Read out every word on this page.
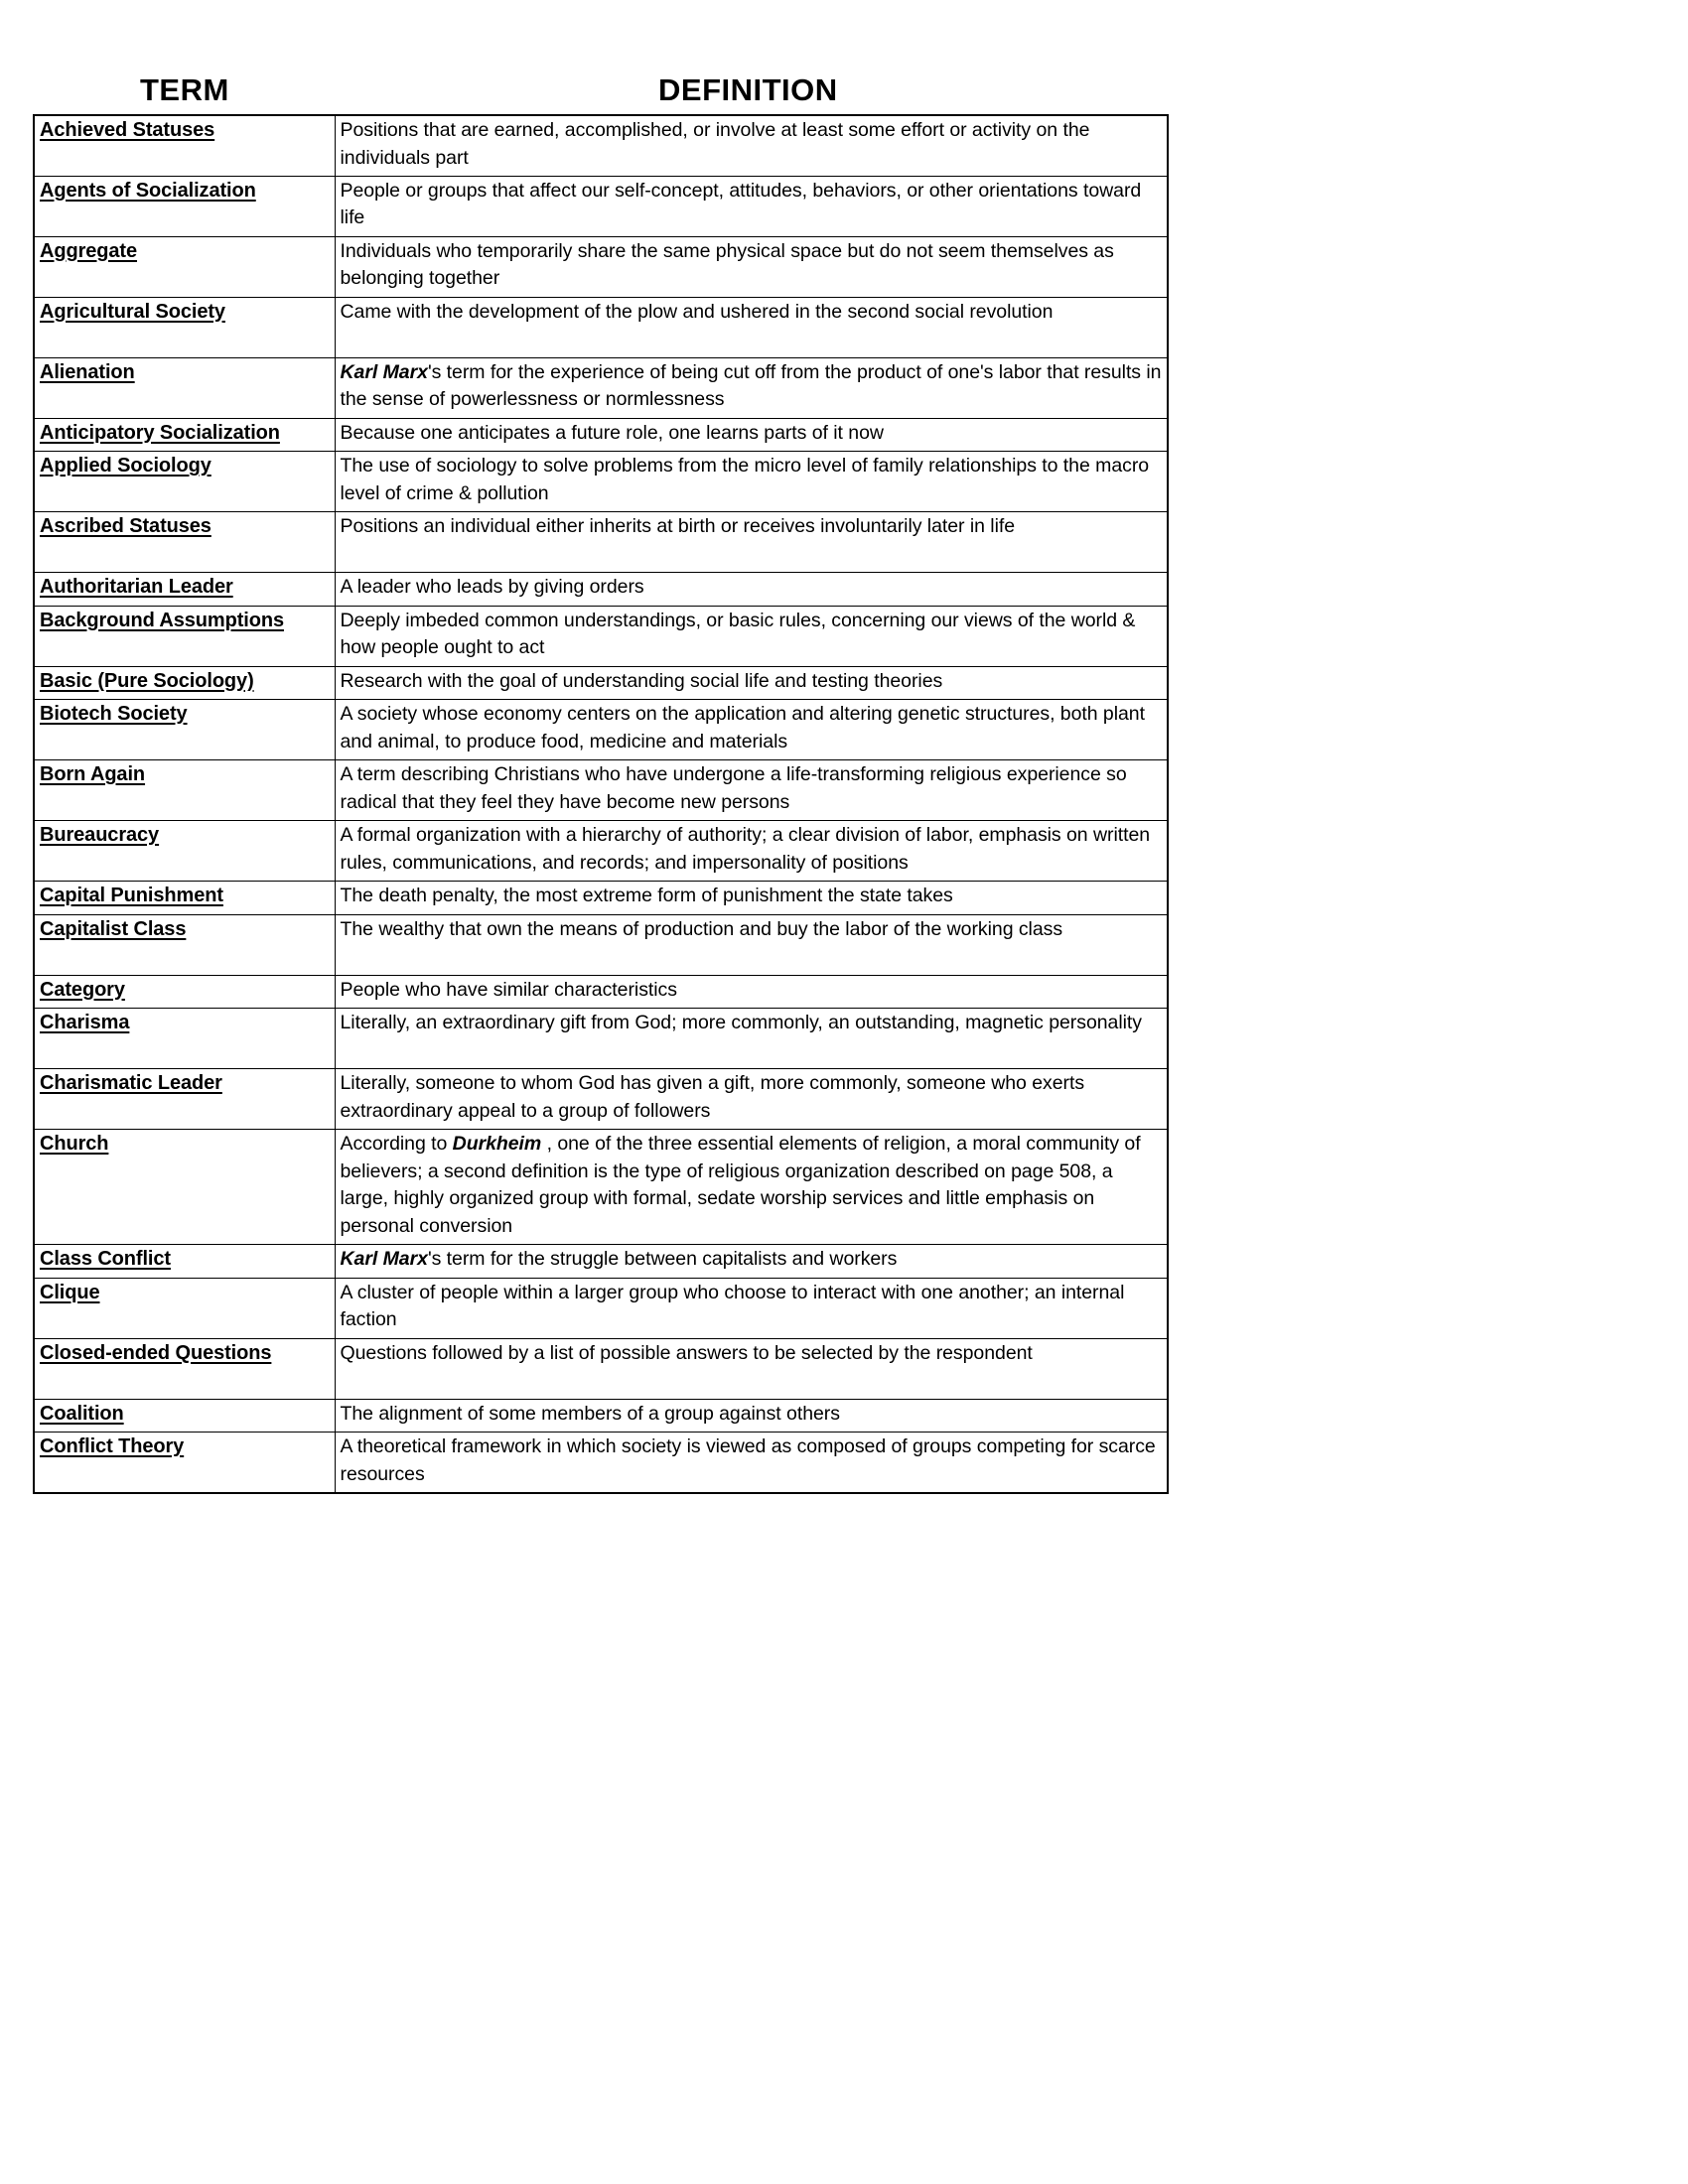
TERM	DEFINITION
Achieved Statuses	Positions that are earned, accomplished, or involve at least some effort or activity on the individuals part

Agents of Socialization	People or groups that affect our self-concept, attitudes, behaviors, or other orientations toward life

Aggregate	Individuals who temporarily share the same physical space but do not seem themselves as belonging together

Agricultural Society	Came with the development of the plow and ushered in the second social revolution

Alienation	Karl Marx's term for the experience of being cut off from the product of one's labor that results in the sense of powerlessness or normlessness

Anticipatory Socialization	Because one anticipates a future role, one learns parts of it now

Applied Sociology	The use of sociology to solve problems from the micro level of family relationships to the macro level of crime & pollution

Ascribed Statuses	Positions an individual either inherits at birth or receives involuntarily later in life

Authoritarian Leader	A leader who leads by giving orders

Background Assumptions	Deeply imbeded common understandings, or basic rules, concerning our views of the world & how people ought to act

Basic (Pure Sociology)	Research with the goal of understanding social life and testing theories

Biotech Society	A society whose economy centers on the application and altering genetic structures, both plant and animal, to produce food, medicine and materials

Born Again	A term describing Christians who have undergone a life-transforming religious experience so radical that they feel they have become new persons

Bureaucracy	A formal organization with a hierarchy of authority; a clear division of labor, emphasis on written rules, communications, and records; and impersonality of positions

Capital Punishment	The death penalty, the most extreme form of punishment the state takes

Capitalist Class	The wealthy that own the means of production and buy the labor of the working class

Category	People who have similar characteristics

Charisma	Literally, an extraordinary gift from God; more commonly, an outstanding, magnetic personality

Charismatic Leader	Literally, someone to whom God has given a gift, more commonly, someone who exerts extraordinary appeal to a group of followers

Church	According to Durkheim , one of the three essential elements of religion, a moral community of believers; a second definition is the type of religious organization described on page 508, a large, highly organized group with formal, sedate worship services and little emphasis on personal conversion

Class Conflict	Karl Marx's term for the struggle between capitalists and workers

Clique	A cluster of people within a larger group who choose to interact with one another; an internal faction

Closed-ended Questions	Questions followed by a list of possible answers to be selected by the respondent

Coalition	The alignment of some members of a group against others

Conflict Theory	A theoretical framework in which society is viewed as composed of groups competing for scarce resources
